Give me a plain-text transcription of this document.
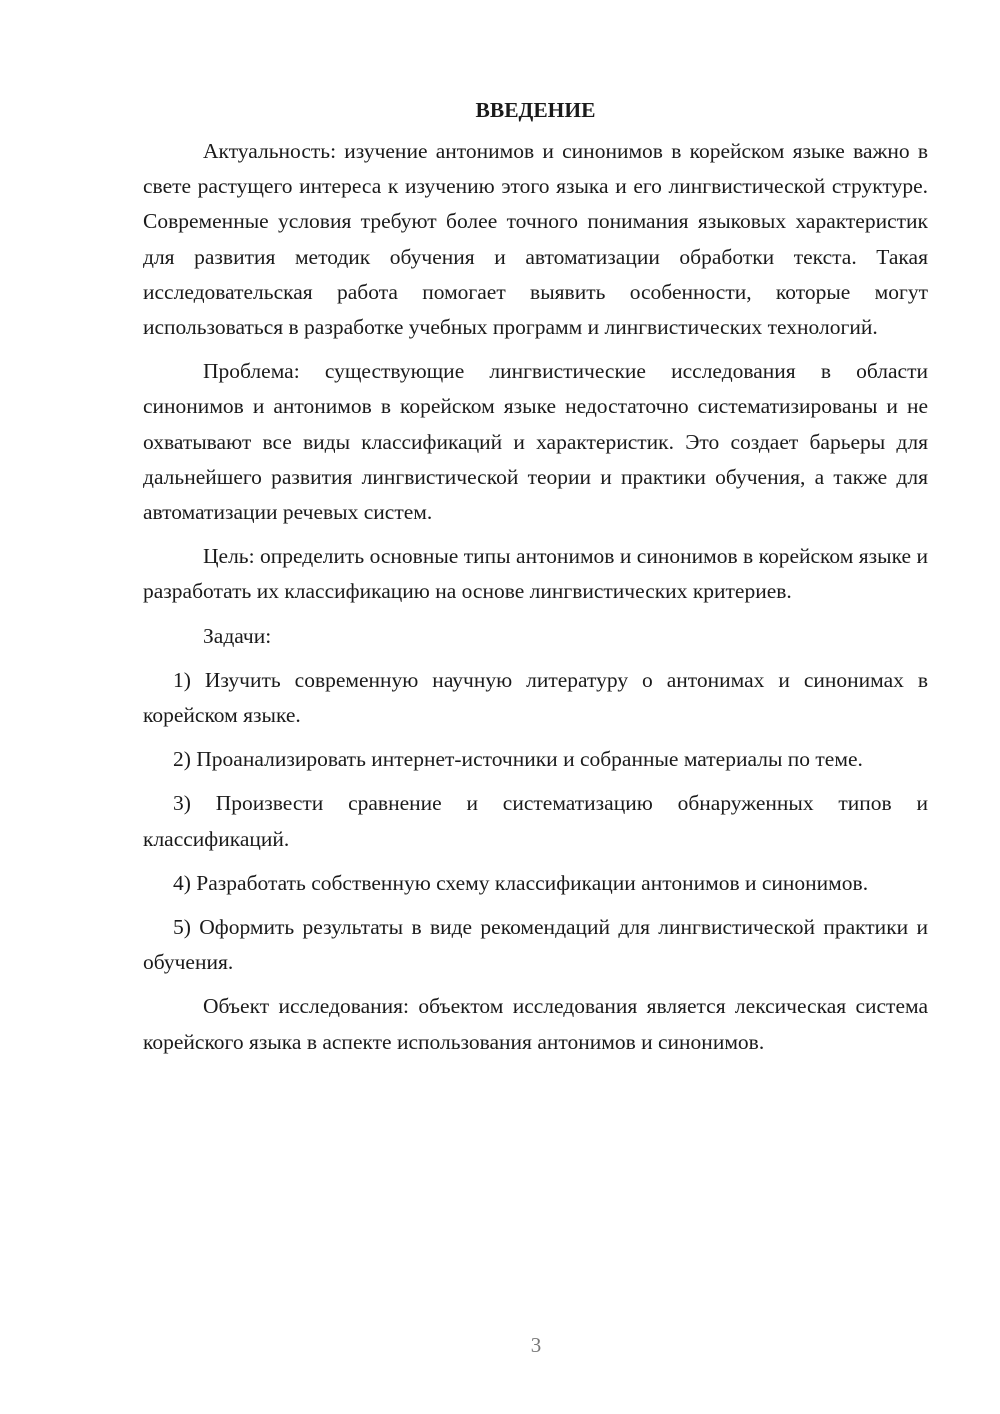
ВВЕДЕНИЕ

Актуальность: изучение антонимов и синонимов в корейском языке важно в свете растущего интереса к изучению этого языка и его лингвистической структуре. Современные условия требуют более точного понимания языковых характеристик для развития методик обучения и автоматизации обработки текста. Такая исследовательская работа помогает выявить особенности, которые могут использоваться в разработке учебных программ и лингвистических технологий.

Проблема: существующие лингвистические исследования в области синонимов и антонимов в корейском языке недостаточно систематизированы и не охватывают все виды классификаций и характеристик. Это создает барьеры для дальнейшего развития лингвистической теории и практики обучения, а также для автоматизации речевых систем.

Цель: определить основные типы антонимов и синонимов в корейском языке и разработать их классификацию на основе лингвистических критериев.

Задачи:

1) Изучить современную научную литературу о антонимах и синонимах в корейском языке.

2) Проанализировать интернет-источники и собранные материалы по теме.

3) Произвести сравнение и систематизацию обнаруженных типов и классификаций.

4) Разработать собственную схему классификации антонимов и синонимов.

5) Оформить результаты в виде рекомендаций для лингвистической практики и обучения.

Объект исследования: объектом исследования является лексическая система корейского языка в аспекте использования антонимов и синонимов.

3
